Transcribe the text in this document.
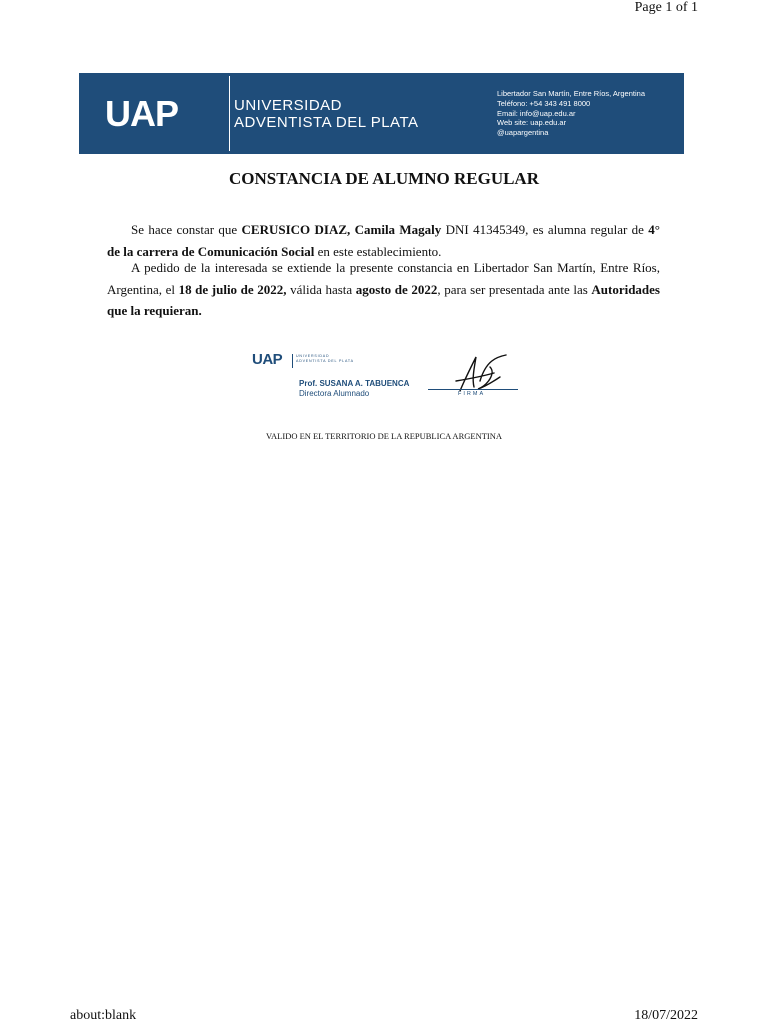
Page 1 of 1
UAP	UNIVERSIDAD
ADVENTISTA DEL PLATA
Libertador San Martín, Entre Ríos, Argentina
Teléfono: +54 343 491 8000
Email: info@uap.edu.ar
Web site: uap.edu.ar
@uapargentina
CONSTANCIA DE ALUMNO REGULAR
Se hace constar que CERUSICO DIAZ, Camila Magaly DNI 41345349, es alumna regular de 4° de la carrera de Comunicación Social en este establecimiento.
A pedido de la interesada se extiende la presente constancia en Libertador San Martín, Entre Ríos, Argentina, el 18 de julio de 2022, válida hasta agosto de 2022, para ser presentada ante las Autoridades que la requieran.
UAP	UNIVERSIDAD
ADVENTISTA DEL PLATA
Prof. SUSANA A. TABUENCA
Directora Alumnado	FIRMA
VALIDO EN EL TERRITORIO DE LA REPUBLICA ARGENTINA
about:blank	18/07/2022
